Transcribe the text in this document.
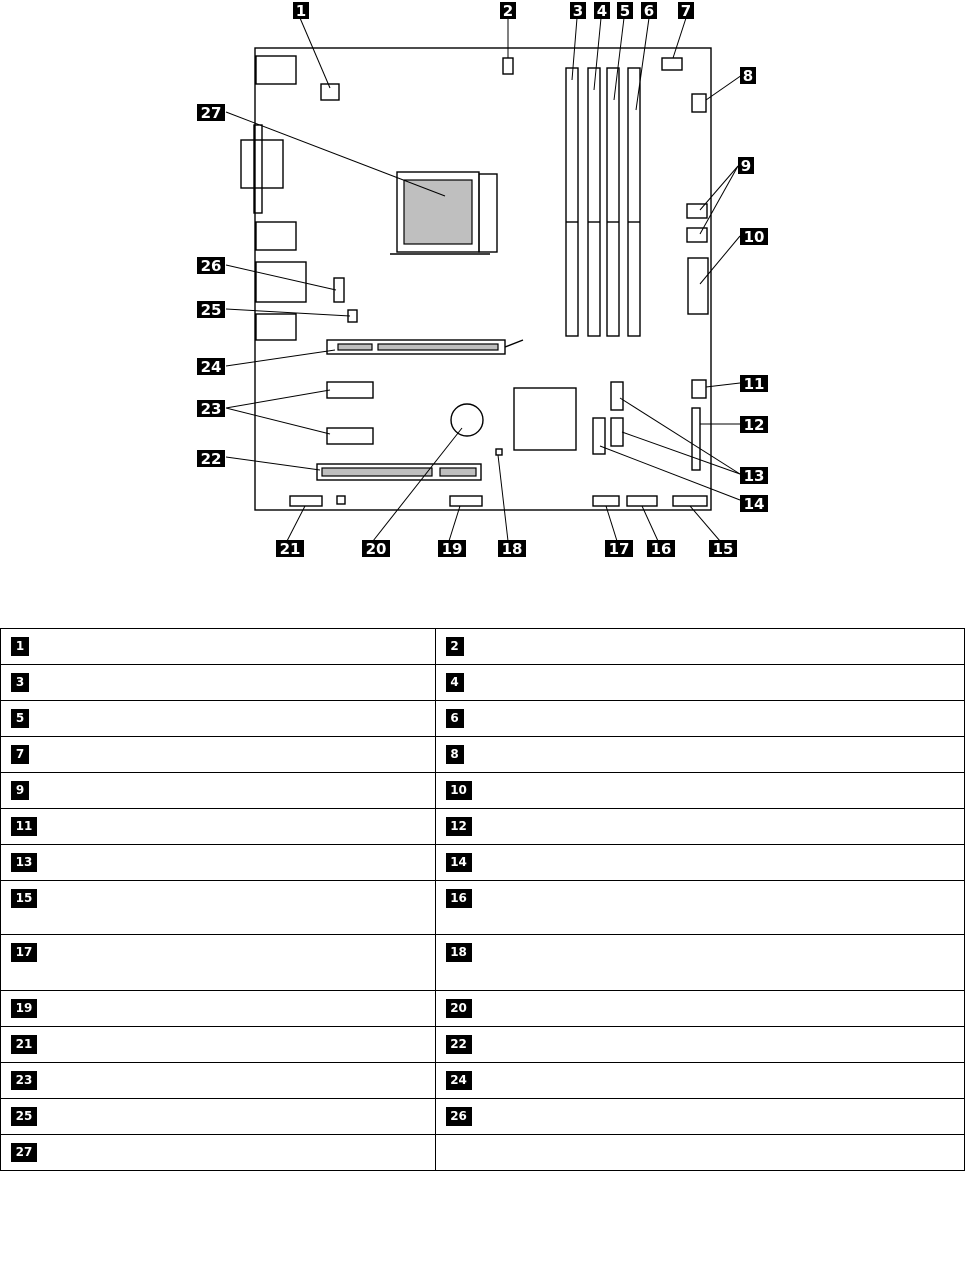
1	2	3 4 5 6 7
8
9
10
11
12
13
14
15
16
17
18
19
20
21
22
23
24
25
26
27
1	2
3	4
5	6
7	8
9	10
11	12
13	14
15	16
17	18
19	20
21	22
23	24
25	26
27	
